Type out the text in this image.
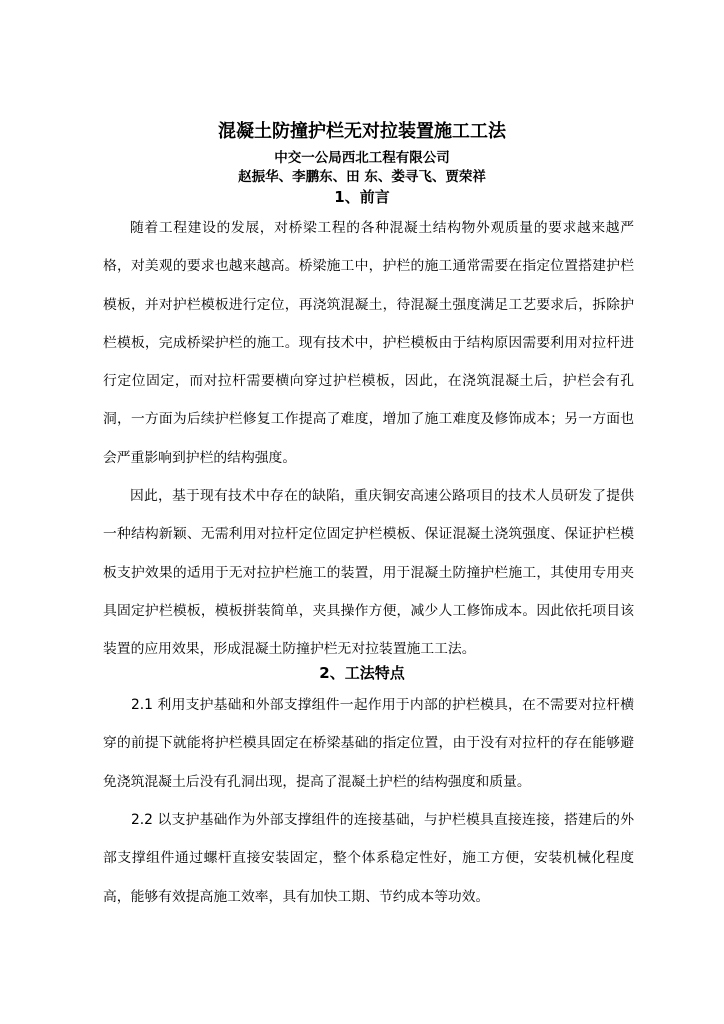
混凝土防撞护栏无对拉装置施工工法
中交一公局西北工程有限公司
赵振华、李鹏东、田 东、娄寻飞、贾荣祥
1、前言

随着工程建设的发展，对桥梁工程的各种混凝土结构物外观质量的要求越来越严格，对美观的要求也越来越高。桥梁施工中，护栏的施工通常需要在指定位置搭建护栏模板，并对护栏模板进行定位，再浇筑混凝土，待混凝土强度满足工艺要求后，拆除护栏模板，完成桥梁护栏的施工。现有技术中，护栏模板由于结构原因需要利用对拉杆进行定位固定，而对拉杆需要横向穿过护栏模板，因此，在浇筑混凝土后，护栏会有孔洞，一方面为后续护栏修复工作提高了难度，增加了施工难度及修饰成本；另一方面也会严重影响到护栏的结构强度。

因此，基于现有技术中存在的缺陷，重庆铜安高速公路项目的技术人员研发了提供一种结构新颖、无需利用对拉杆定位固定护栏模板、保证混凝土浇筑强度、保证护栏模板支护效果的适用于无对拉护栏施工的装置，用于混凝土防撞护栏施工，其使用专用夹具固定护栏模板，模板拼装简单，夹具操作方便，减少人工修饰成本。因此依托项目该装置的应用效果，形成混凝土防撞护栏无对拉装置施工工法。

2、工法特点

2.1 利用支护基础和外部支撑组件一起作用于内部的护栏模具，在不需要对拉杆横穿的前提下就能将护栏模具固定在桥梁基础的指定位置，由于没有对拉杆的存在能够避免浇筑混凝土后没有孔洞出现，提高了混凝土护栏的结构强度和质量。

2.2 以支护基础作为外部支撑组件的连接基础，与护栏模具直接连接，搭建后的外部支撑组件通过螺杆直接安装固定，整个体系稳定性好，施工方便，安装机械化程度高，能够有效提高施工效率，具有加快工期、节约成本等功效。
